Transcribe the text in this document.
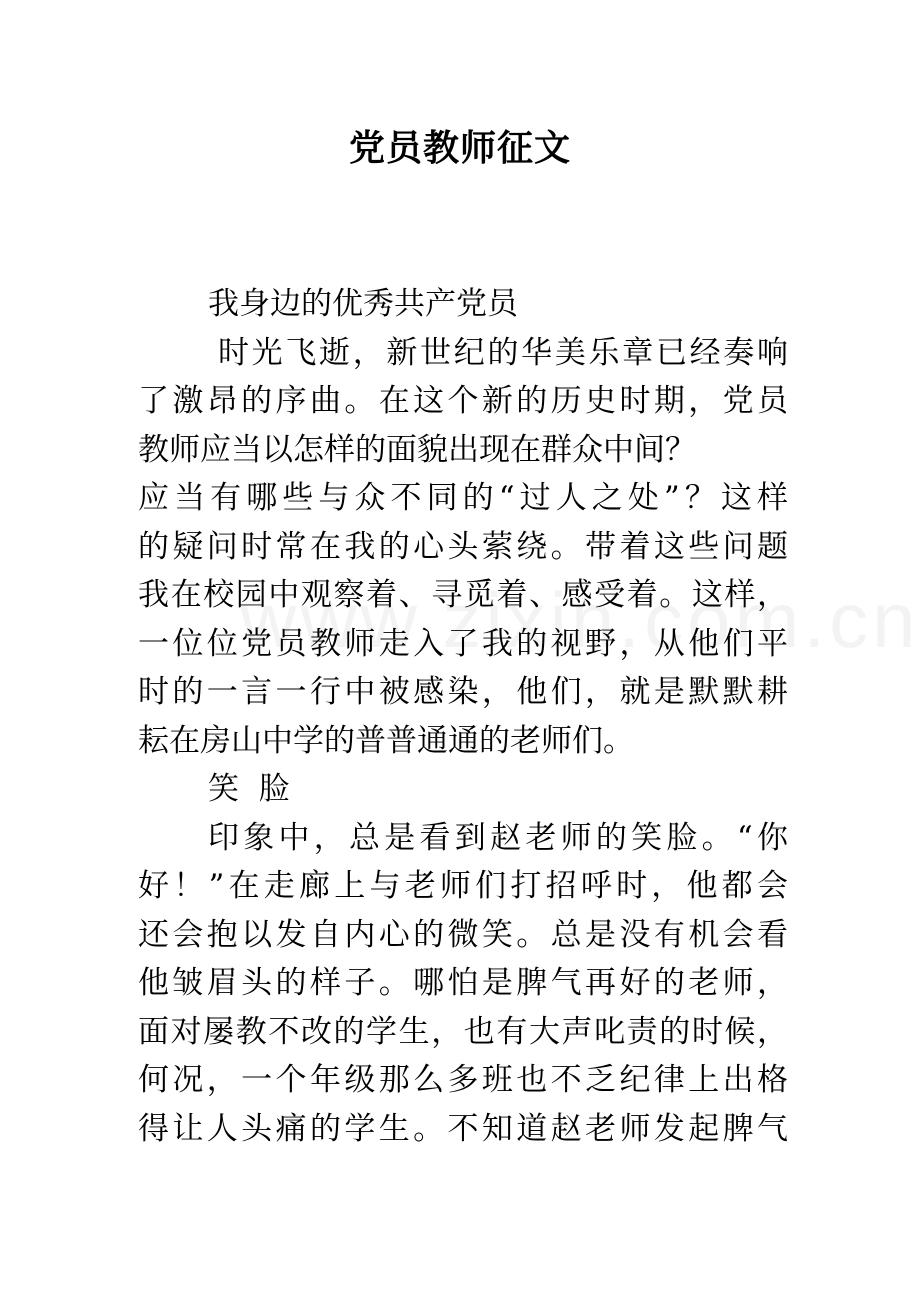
党员教师征文
我身边的优秀共产党员
时光飞逝，新世纪的华美乐章已经奏响
了激昂的序曲。在这个新的历史时期，党员
教师应当以怎样的面貌出现在群众中间？
应当有哪些与众不同的“过人之处”？这样
的疑问时常在我的心头萦绕。带着这些问题
我在校园中观察着、寻觅着、感受着。这样，
一位位党员教师走入了我的视野，从他们平
时的一言一行中被感染，他们，就是默默耕
耘在房山中学的普普通通的老师们。
笑  脸
印象中，总是看到赵老师的笑脸。“你
好！”在走廊上与老师们打招呼时，他都会
还会抱以发自内心的微笑。总是没有机会看
他皱眉头的样子。哪怕是脾气再好的老师，
面对屡教不改的学生，也有大声叱责的时候，
何况，一个年级那么多班也不乏纪律上出格
得让人头痛的学生。不知道赵老师发起脾气
